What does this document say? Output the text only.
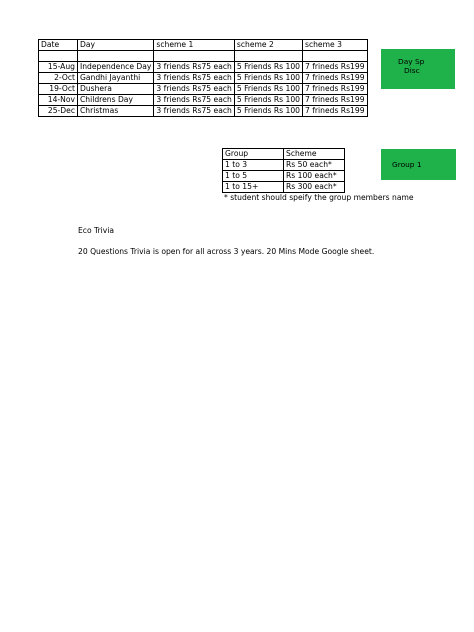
Date	Day	scheme 1	scheme 2	scheme 3

15-Aug	Independence Day	3 friends Rs75 each	5 Friends Rs 100	7 frineds Rs199
2-Oct	Gandhi Jayanthi	3 friends Rs75 each	5 Friends Rs 100	7 frineds Rs199
19-Oct	Dushera	3 friends Rs75 each	5 Friends Rs 100	7 frineds Rs199
14-Nov	Childrens Day	3 friends Rs75 each	5 Friends Rs 100	7 frineds Rs199
25-Dec	Christmas	3 friends Rs75 each	5 Friends Rs 100	7 frineds Rs199
Day Sp
Disc
Group	Scheme
1 to 3	Rs 50 each*
1 to 5	Rs 100 each*
1 to 15+	Rs 300 each*
Group 1
* student should speify the group members name
Eco Trivia
20 Questions Trivia is open for all across 3 years. 20 Mins Mode Google sheet.
